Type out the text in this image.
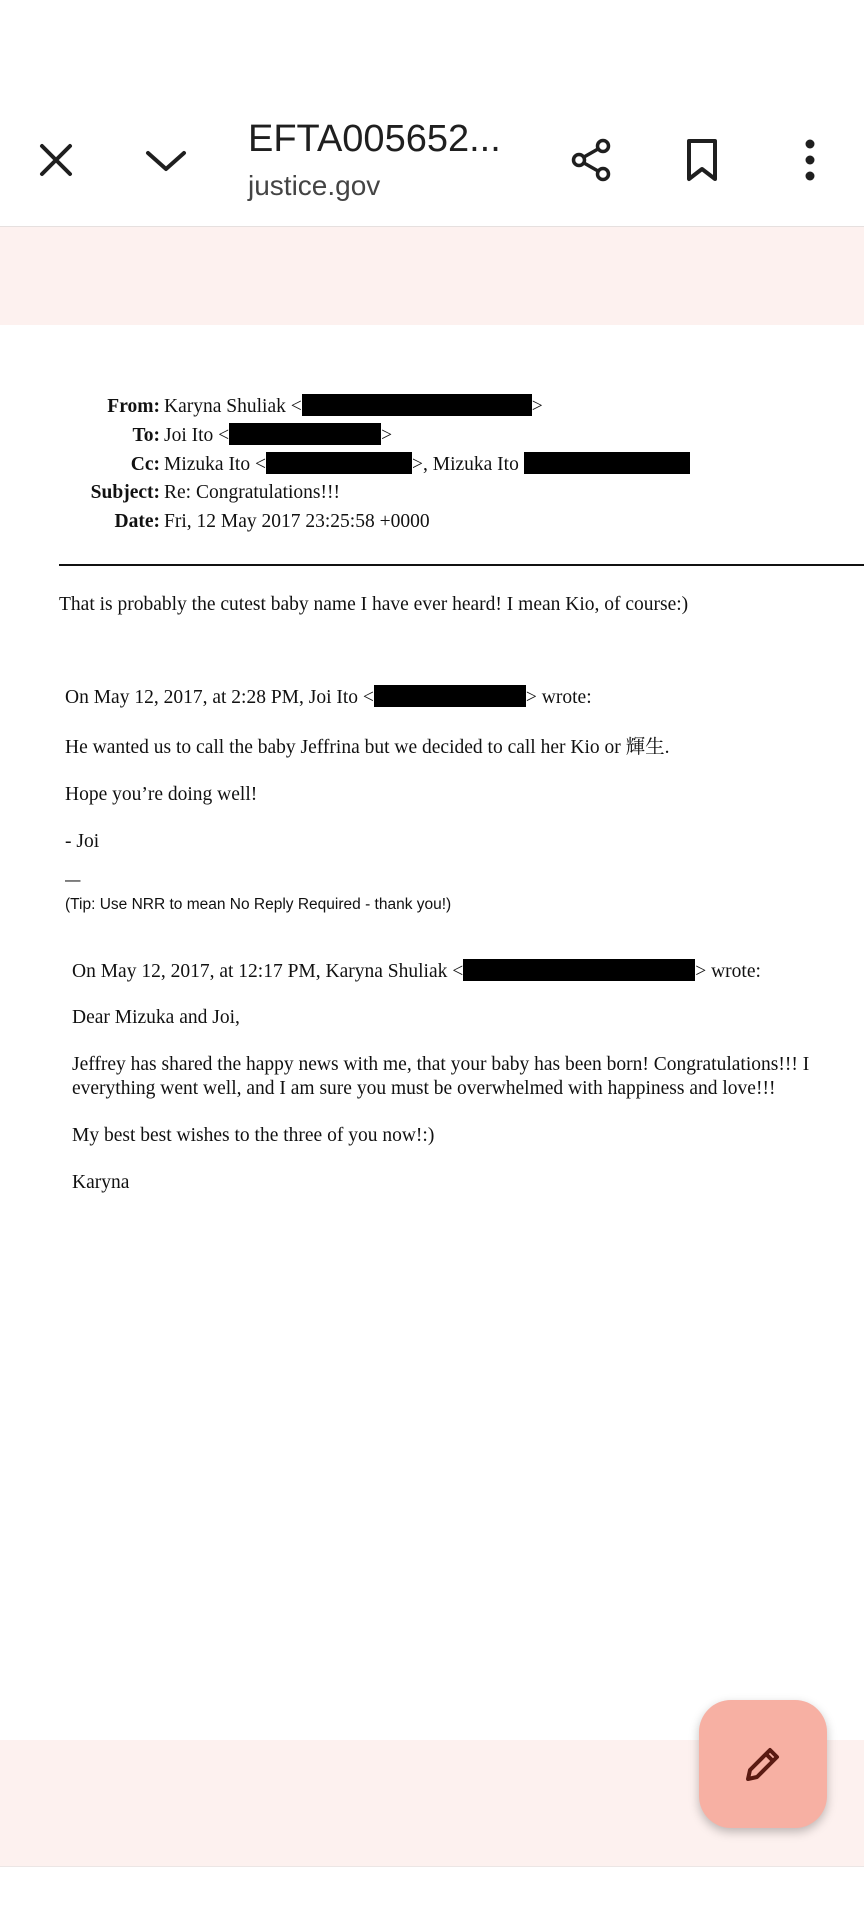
EFTA005652...
justice.gov
From: Karyna Shuliak <	>
To: Joi Ito <	>
Cc: Mizuka Ito <	>, Mizuka Ito
Subject: Re: Congratulations!!!
Date: Fri, 12 May 2017 23:25:58 +0000
That is probably the cutest baby name I have ever heard! I mean Kio, of course:)
On May 12, 2017, at 2:28 PM, Joi Ito <	> wrote:
He wanted us to call the baby Jeffrina but we decided to call her Kio or 輝生.
Hope you’re doing well!
- Joi
—
(Tip: Use NRR to mean No Reply Required - thank you!)
On May 12, 2017, at 12:17 PM, Karyna Shuliak <	> wrote:
Dear Mizuka and Joi,
Jeffrey has shared the happy news with me, that your baby has been born! Congratulations!!! I
everything went well, and I am sure you must be overwhelmed with happiness and love!!!
My best best wishes to the three of you now!:)
Karyna
